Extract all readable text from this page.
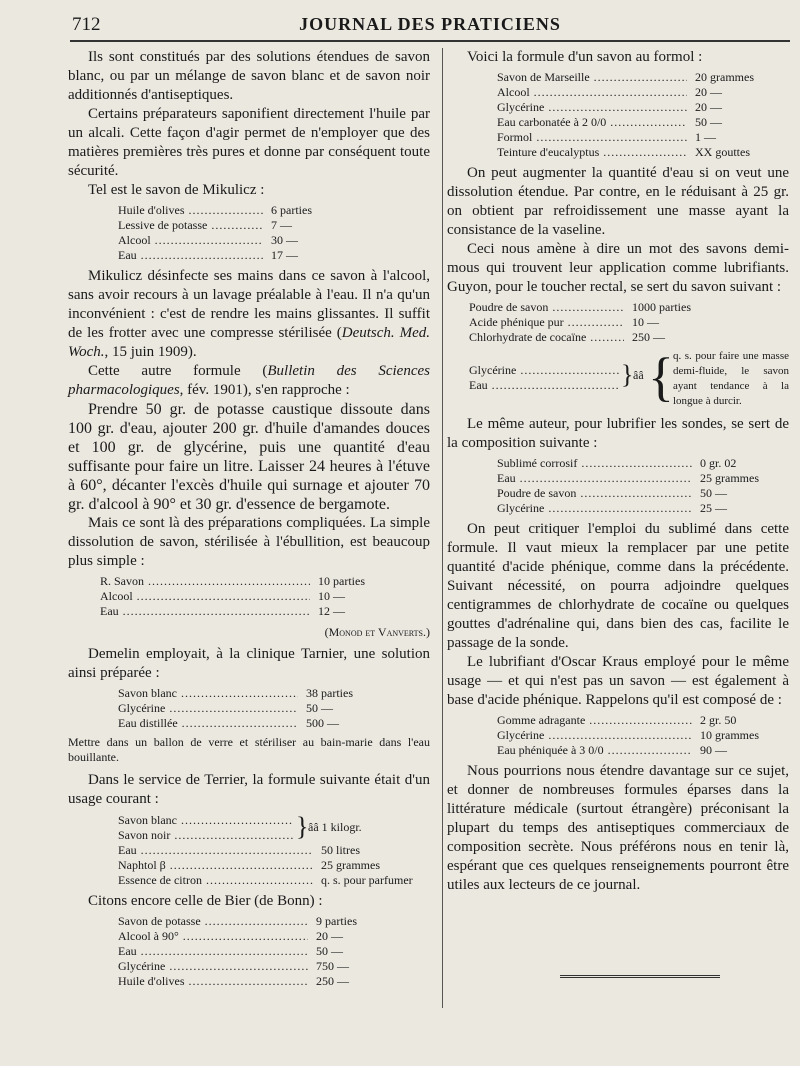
712	JOURNAL DES PRATICIENS

Ils sont constitués par des solutions étendues de savon blanc, ou par un mélange de savon blanc et de savon noir additionnés d'antiseptiques.

Certains préparateurs saponifient directement l'huile par un alcali. Cette façon d'agir permet de n'employer que des matières premières très pures et donne par conséquent toute sécurité.

Tel est le savon de Mikulicz :

Huile d'olives .....	6 parties
Lessive de potasse .....	7 —
Alcool .....	30 —
Eau .....	17 —

Mikulicz désinfecte ses mains dans ce savon à l'alcool, sans avoir recours à un lavage préalable à l'eau. Il n'a qu'un inconvénient : c'est de rendre les mains glissantes. Il suffit de les frotter avec une compresse stérilisée (Deutsch. Med. Woch., 15 juin 1909).

Cette autre formule (Bulletin des Sciences pharmacologiques, fév. 1901), s'en rapproche :

Prendre 50 gr. de potasse caustique dissoute dans 100 gr. d'eau, ajouter 200 gr. d'huile d'amandes douces et 100 gr. de glycérine, puis une quantité d'eau suffisante pour faire un litre. Laisser 24 heures à l'étuve à 60°, décanter l'excès d'huile qui surnage et ajouter 70 gr. d'alcool à 90° et 30 gr. d'essence de bergamote.

Mais ce sont là des préparations compliquées. La simple dissolution de savon, stérilisée à l'ébullition, est beaucoup plus simple :

R. Savon .....	10 parties
Alcool .....	10 —
Eau .....	12 —
(Monod et Vanverts.)

Demelin employait, à la clinique Tarnier, une solution ainsi préparée :

Savon blanc .....	38 parties
Glycérine .....	50 —
Eau distillée .....	500 —
Mettre dans un ballon de verre et stériliser au bain-marie dans l'eau bouillante.

Dans le service de Terrier, la formule suivante était d'un usage courant :

Savon blanc .....
Savon noir .....	} ââ 1 kilogr.
Eau .....	50 litres
Naphtol β .....	25 grammes
Essence de citron .....	q. s. pour parfumer

Citons encore celle de Bier (de Bonn) :

Savon de potasse .....	9 parties
Alcool à 90° .....	20 —
Eau .....	50 —
Glycérine .....	750 —
Huile d'olives .....	250 —

Voici la formule d'un savon au formol :

Savon de Marseille .....	20 grammes
Alcool .....	20 —
Glycérine .....	20 —
Eau carbonatée à 2 0/0 .....	50 —
Formol .....	1 —
Teinture d'eucalyptus .....	XX gouttes

On peut augmenter la quantité d'eau si on veut une dissolution étendue. Par contre, en le réduisant à 25 gr. on obtient par refroidissement une masse ayant la consistance de la vaseline.

Ceci nous amène à dire un mot des savons demi-mous qui trouvent leur application comme lubrifiants. Guyon, pour le toucher rectal, se sert du savon suivant :

Poudre de savon .....	1000 parties
Acide phénique pur .....	10 —
Chlorhydrate de cocaïne .....	250 —
Glycérine .....
Eau .....	} ââ { q. s. pour faire une masse demi-fluide, le savon ayant tendance à la longue à durcir.

Le même auteur, pour lubrifier les sondes, se sert de la composition suivante :

Sublimé corrosif .....	0 gr. 02
Eau .....	25 grammes
Poudre de savon .....	50 —
Glycérine .....	25 —

On peut critiquer l'emploi du sublimé dans cette formule. Il vaut mieux la remplacer par une petite quantité d'acide phénique, comme dans la précédente. Suivant nécessité, on pourra adjoindre quelques centigrammes de chlorhydrate de cocaïne ou quelques gouttes d'adrénaline qui, dans bien des cas, facilite le passage de la sonde.

Le lubrifiant d'Oscar Kraus employé pour le même usage — et qui n'est pas un savon — est également à base d'acide phénique. Rappelons qu'il est composé de :

Gomme adragante .....	2 gr. 50
Glycérine .....	10 grammes
Eau phéniquée à 3 0/0 .....	90 —

Nous pourrions nous étendre davantage sur ce sujet, et donner de nombreuses formules éparses dans la littérature médicale (surtout étrangère) préconisant la plupart du temps des antiseptiques commerciaux de composition secrète. Nous préférons nous en tenir là, espérant que ces quelques renseignements pourront être utiles aux lecteurs de ce journal.
